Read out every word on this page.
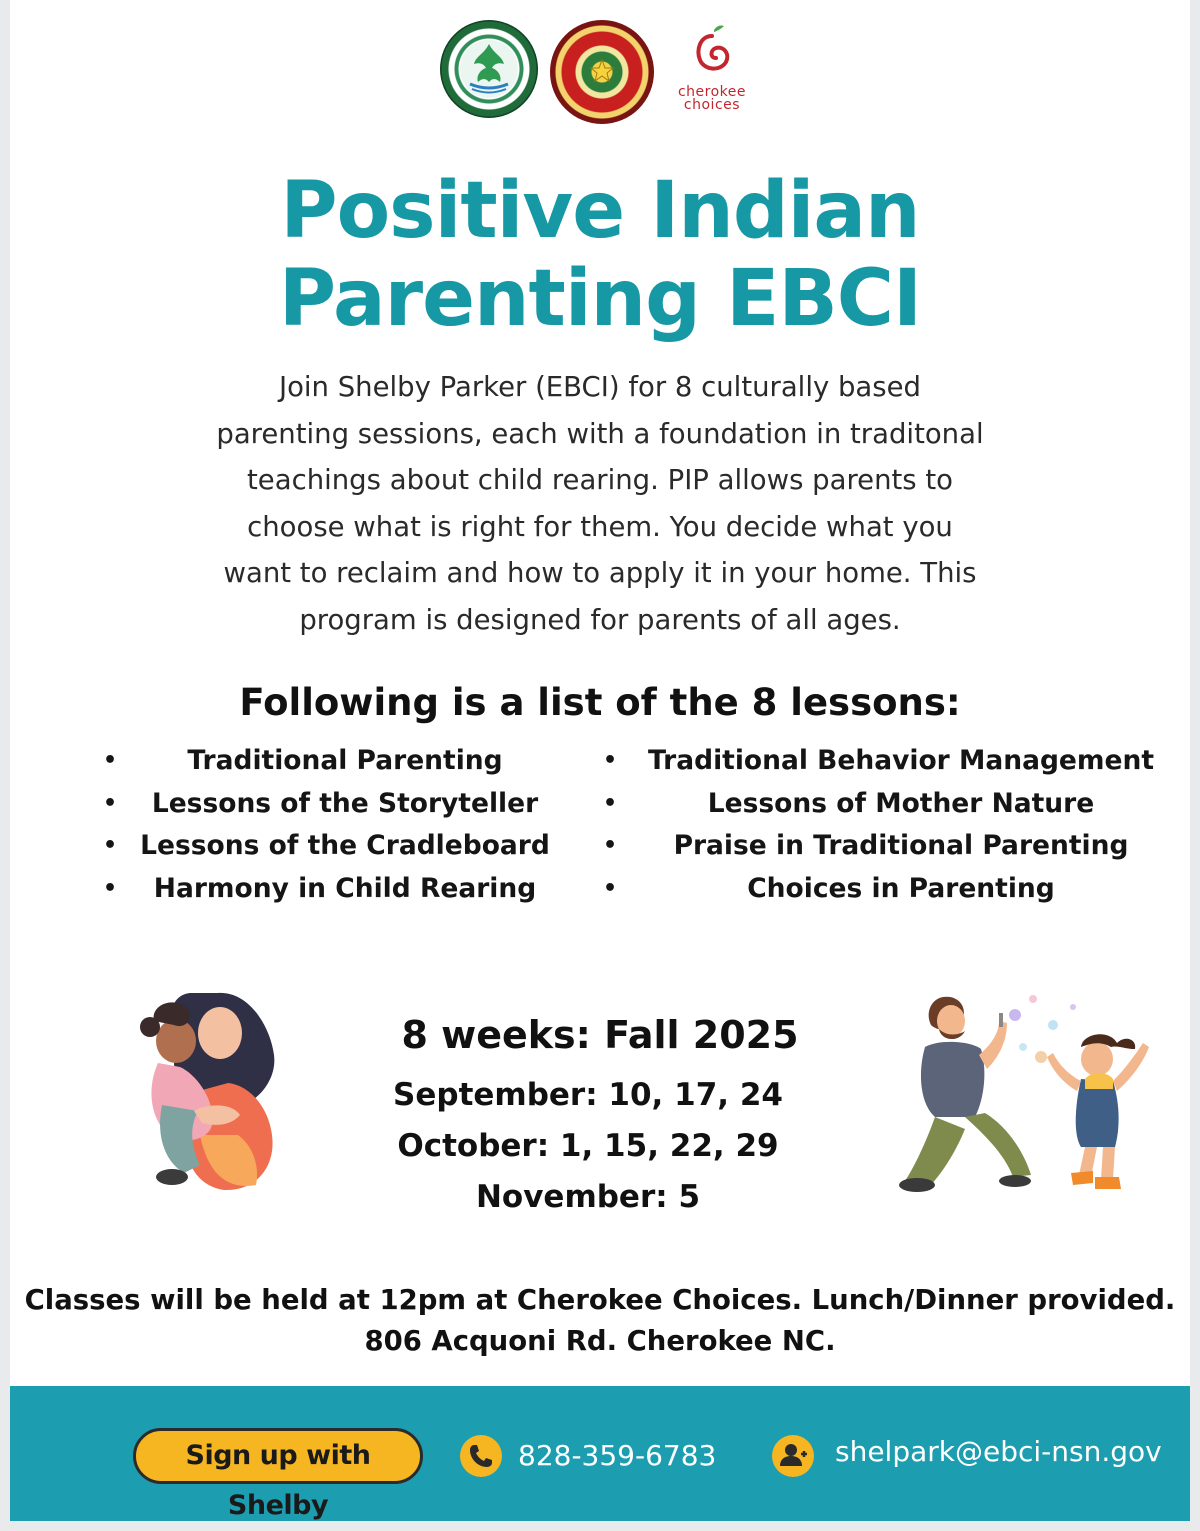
cherokee
choices
Positive Indian
Parenting EBCI
Join Shelby Parker (EBCI) for 8 culturally based
parenting sessions, each with a foundation in traditonal
teachings about child rearing. PIP allows parents to
choose what is right for them. You decide what you
want to reclaim and how to apply it in your home. This
program is designed for parents of all ages.
Following is a list of the 8 lessons:
•	Traditional Parenting
•	Lessons of the Storyteller
• Lessons of the Cradleboard
•	Harmony in Child Rearing
•	Traditional Behavior Management
•	Lessons of Mother Nature
•	Praise in Traditional Parenting
•	Choices in Parenting
8 weeks: Fall 2025
September: 10, 17, 24
October: 1, 15, 22, 29
November: 5
Classes will be held at 12pm at Cherokee Choices. Lunch/Dinner provided.
806 Acquoni Rd. Cherokee NC.
Sign up with Shelby
828-359-6783	shelpark@ebci-nsn.gov
